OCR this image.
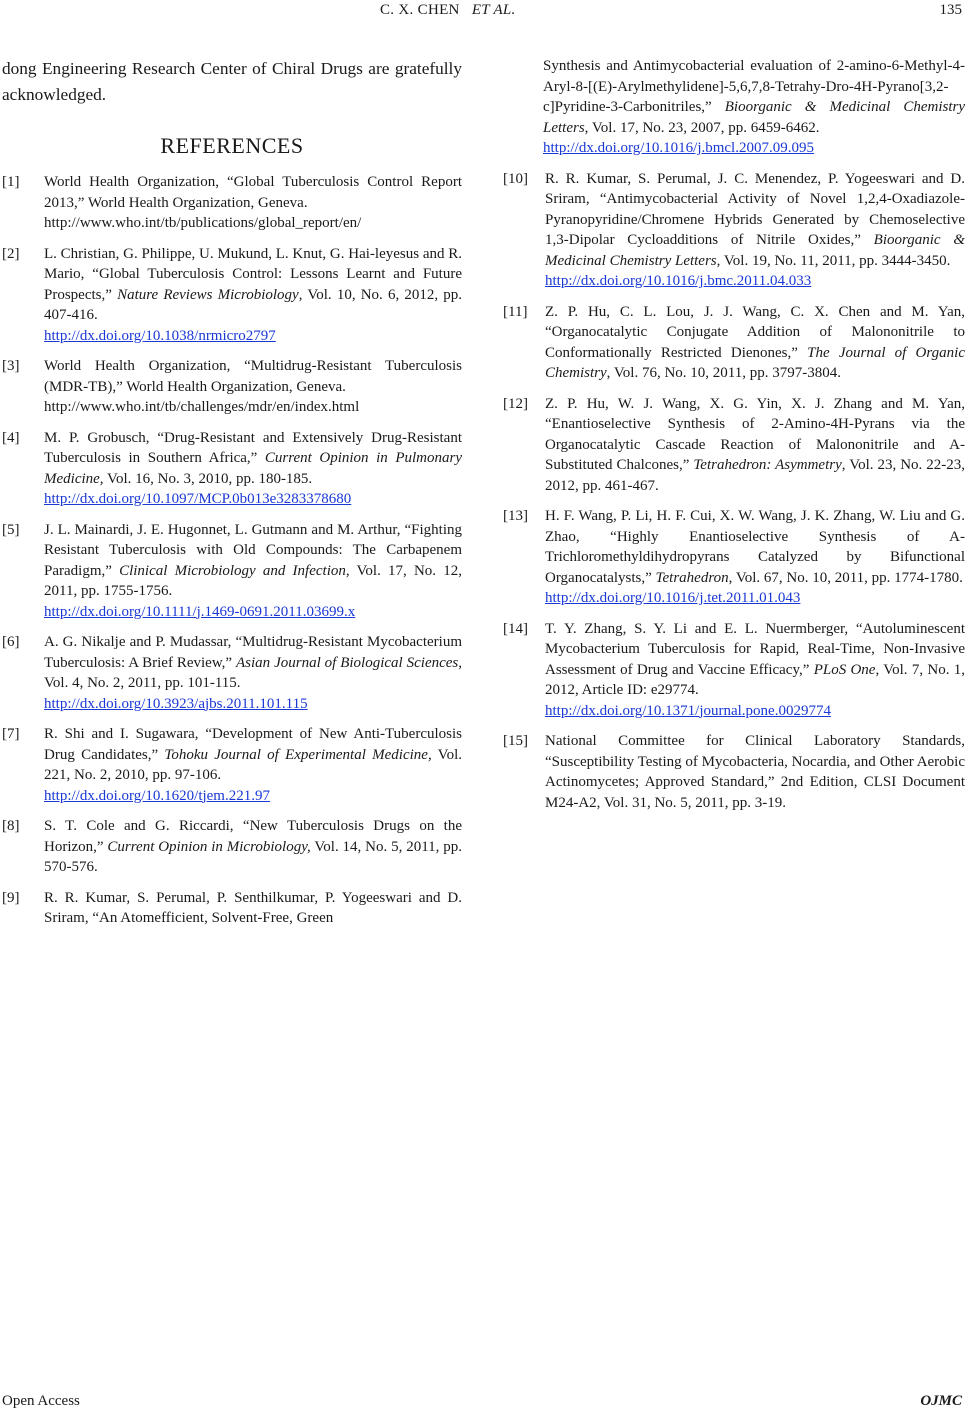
C. X. CHEN ET AL.	135

dong Engineering Research Center of Chiral Drugs are gratefully acknowledged.

REFERENCES
[1] World Health Organization, “Global Tuberculosis Control Report 2013,” World Health Organization, Geneva.
http://www.who.int/tb/publications/global_report/en/
[2] L. Christian, G. Philippe, U. Mukund, L. Knut, G. Hai-leyesus and R. Mario, “Global Tuberculosis Control: Lessons Learnt and Future Prospects,” Nature Reviews Microbiology, Vol. 10, No. 6, 2012, pp. 407-416.
http://dx.doi.org/10.1038/nrmicro2797
[3] World Health Organization, “Multidrug-Resistant Tuberculosis (MDR-TB),” World Health Organization, Geneva.
http://www.who.int/tb/challenges/mdr/en/index.html
[4] M. P. Grobusch, “Drug-Resistant and Extensively Drug-Resistant Tuberculosis in Southern Africa,” Current Opinion in Pulmonary Medicine, Vol. 16, No. 3, 2010, pp. 180-185.
http://dx.doi.org/10.1097/MCP.0b013e3283378680
[5] J. L. Mainardi, J. E. Hugonnet, L. Gutmann and M. Arthur, “Fighting Resistant Tuberculosis with Old Compounds: The Carbapenem Paradigm,” Clinical Microbiology and Infection, Vol. 17, No. 12, 2011, pp. 1755-1756.
http://dx.doi.org/10.1111/j.1469-0691.2011.03699.x
[6] A. G. Nikalje and P. Mudassar, “Multidrug-Resistant Mycobacterium Tuberculosis: A Brief Review,” Asian Journal of Biological Sciences, Vol. 4, No. 2, 2011, pp. 101-115.
http://dx.doi.org/10.3923/ajbs.2011.101.115
[7] R. Shi and I. Sugawara, “Development of New Anti-Tuberculosis Drug Candidates,” Tohoku Journal of Experimental Medicine, Vol. 221, No. 2, 2010, pp. 97-106.
http://dx.doi.org/10.1620/tjem.221.97
[8] S. T. Cole and G. Riccardi, “New Tuberculosis Drugs on the Horizon,” Current Opinion in Microbiology, Vol. 14, No. 5, 2011, pp. 570-576.
[9] R. R. Kumar, S. Perumal, P. Senthilkumar, P. Yogeeswari and D. Sriram, “An Atomefficient, Solvent-Free, Green
Synthesis and Antimycobacterial evaluation of 2-amino-6-Methyl-4-Aryl-8-[(E)-Arylmethylidene]-5,6,7,8-Tetrahy-Dro-4H-Pyrano[3,2-c]Pyridine-3-Carbonitriles,” Bioorganic & Medicinal Chemistry Letters, Vol. 17, No. 23, 2007, pp. 6459-6462.
http://dx.doi.org/10.1016/j.bmcl.2007.09.095
[10] R. R. Kumar, S. Perumal, J. C. Menendez, P. Yogeeswari and D. Sriram, “Antimycobacterial Activity of Novel 1,2,4-Oxadiazole-Pyranopyridine/Chromene Hybrids Generated by Chemoselective 1,3-Dipolar Cycloadditions of Nitrile Oxides,” Bioorganic & Medicinal Chemistry Letters, Vol. 19, No. 11, 2011, pp. 3444-3450.
http://dx.doi.org/10.1016/j.bmc.2011.04.033
[11] Z. P. Hu, C. L. Lou, J. J. Wang, C. X. Chen and M. Yan, “Organocatalytic Conjugate Addition of Malononitrile to Conformationally Restricted Dienones,” The Journal of Organic Chemistry, Vol. 76, No. 10, 2011, pp. 3797-3804.
[12] Z. P. Hu, W. J. Wang, X. G. Yin, X. J. Zhang and M. Yan, “Enantioselective Synthesis of 2-Amino-4H-Pyrans via the Organocatalytic Cascade Reaction of Malononitrile and A-Substituted Chalcones,” Tetrahedron: Asymmetry, Vol. 23, No. 22-23, 2012, pp. 461-467.
[13] H. F. Wang, P. Li, H. F. Cui, X. W. Wang, J. K. Zhang, W. Liu and G. Zhao, “Highly Enantioselective Synthesis of A-Trichloromethyldihydropyrans Catalyzed by Bifunctional Organocatalysts,” Tetrahedron, Vol. 67, No. 10, 2011, pp. 1774-1780.
http://dx.doi.org/10.1016/j.tet.2011.01.043
[14] T. Y. Zhang, S. Y. Li and E. L. Nuermberger, “Autoluminescent Mycobacterium Tuberculosis for Rapid, Real-Time, Non-Invasive Assessment of Drug and Vaccine Efficacy,” PLoS One, Vol. 7, No. 1, 2012, Article ID: e29774.
http://dx.doi.org/10.1371/journal.pone.0029774
[15] National Committee for Clinical Laboratory Standards, “Susceptibility Testing of Mycobacteria, Nocardia, and Other Aerobic Actinomycetes; Approved Standard,” 2nd Edition, CLSI Document M24-A2, Vol. 31, No. 5, 2011, pp. 3-19.
Open Access	OJMC
